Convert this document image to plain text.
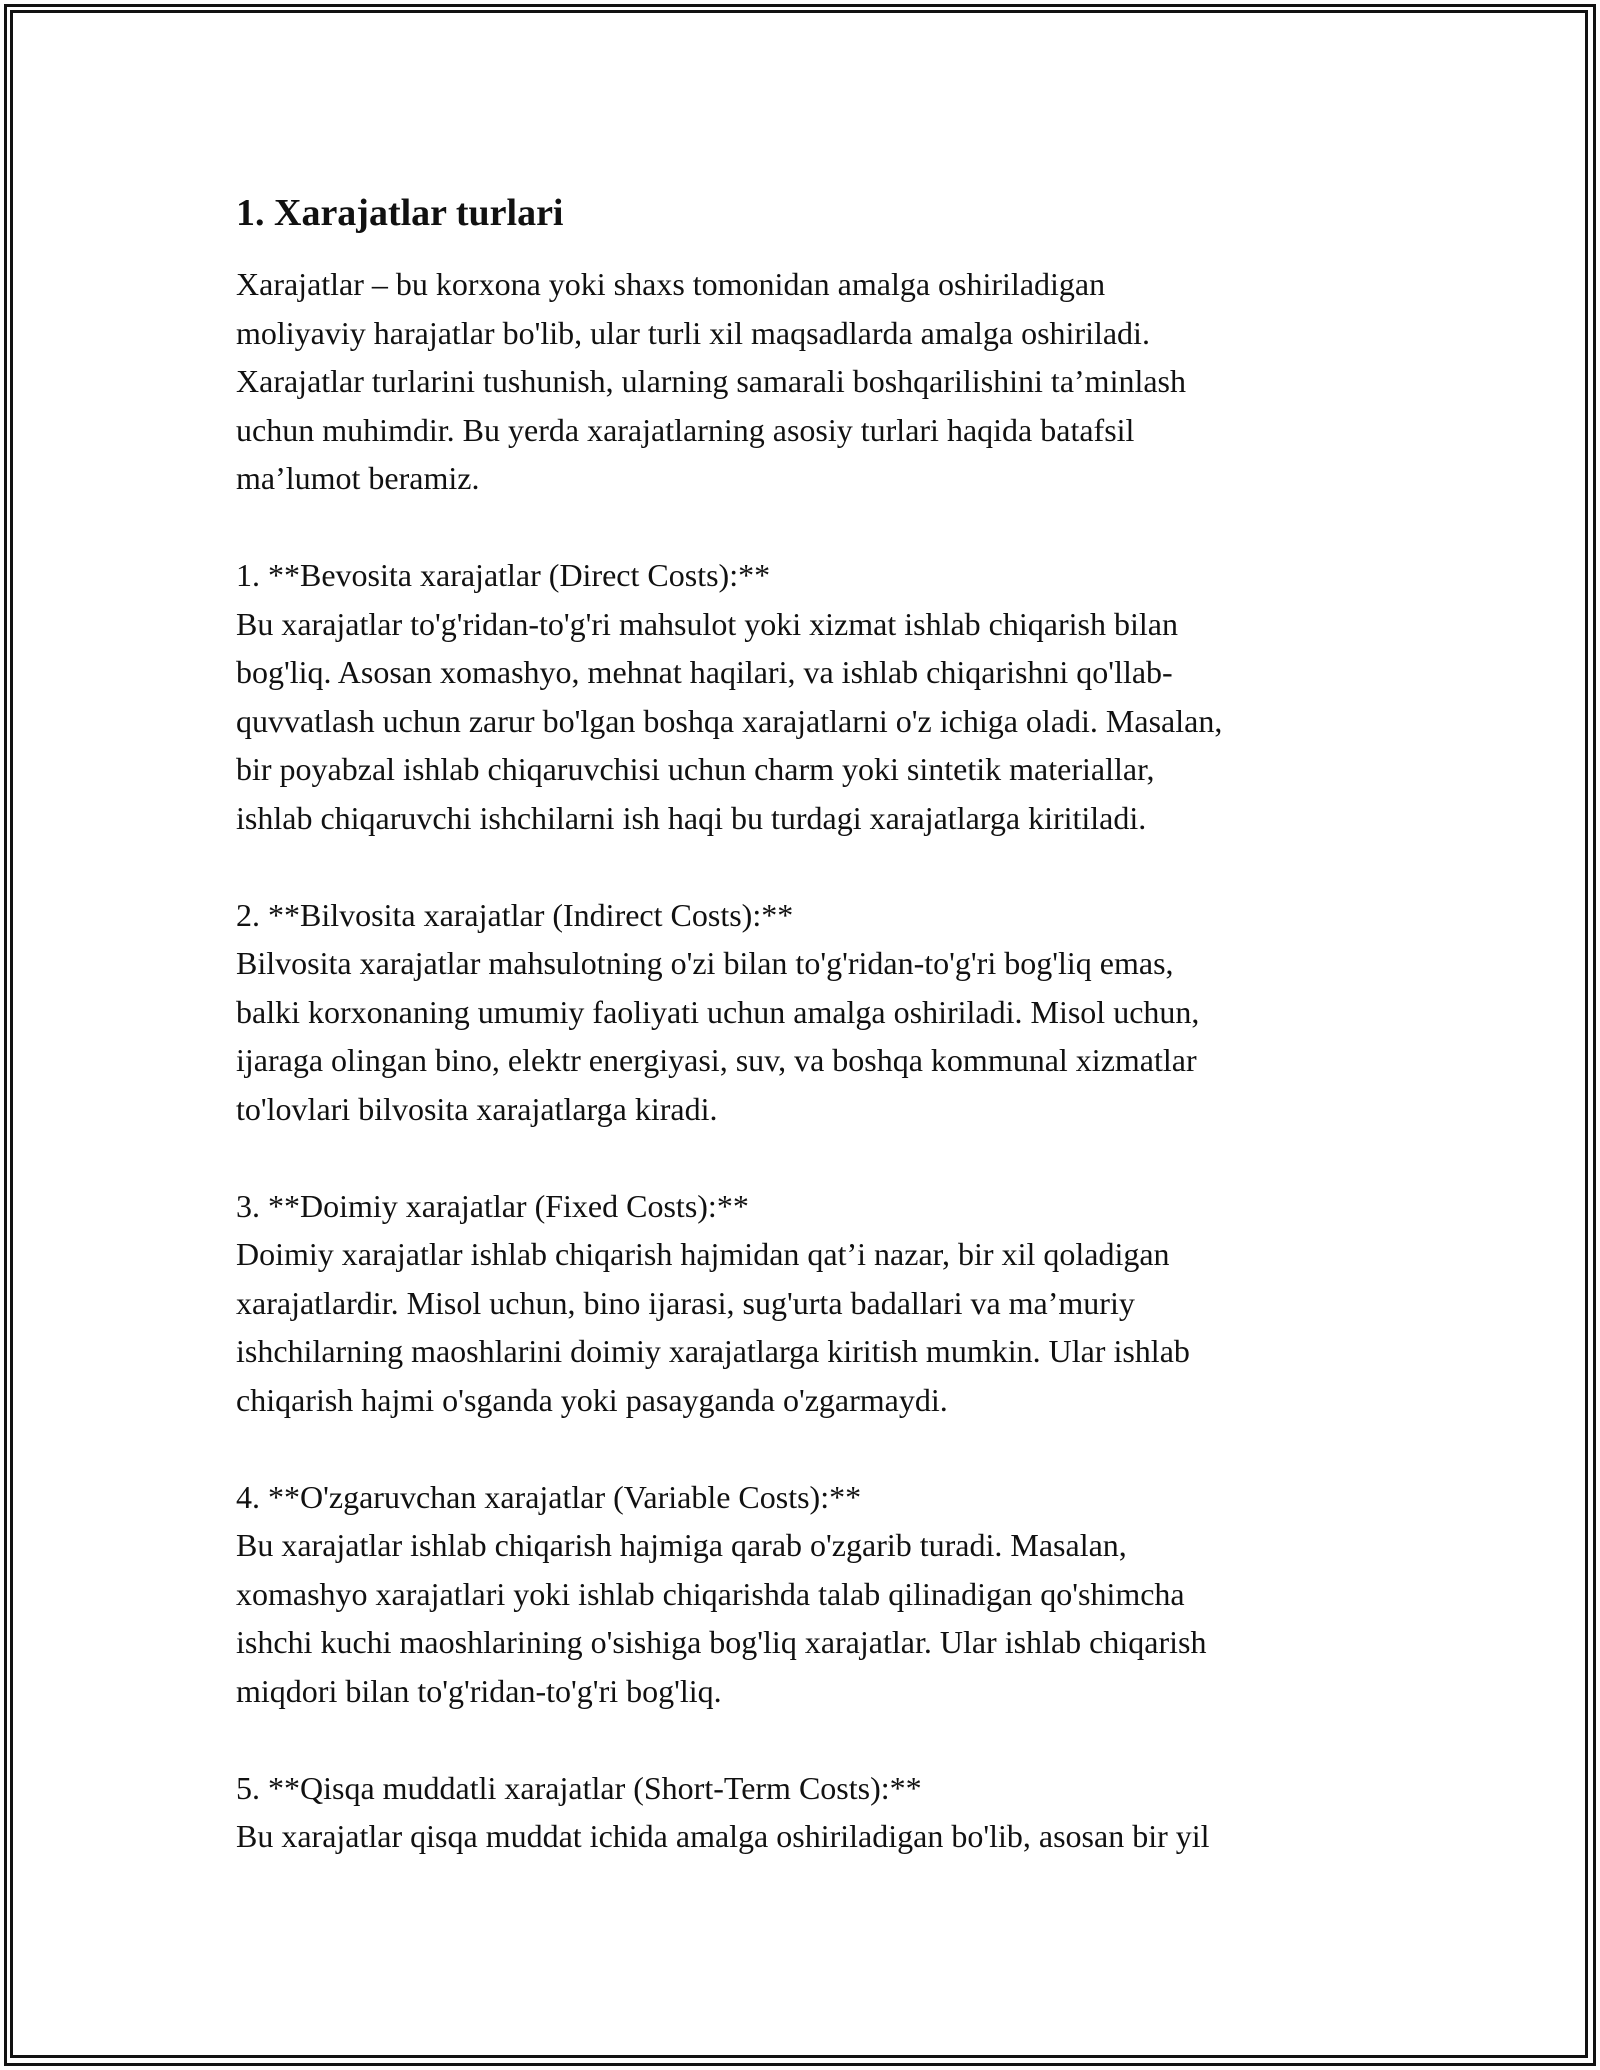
1. Xarajatlar turlari

Xarajatlar – bu korxona yoki shaxs tomonidan amalga oshiriladigan
moliyaviy harajatlar bo'lib, ular turli xil maqsadlarda amalga oshiriladi.
Xarajatlar turlarini tushunish, ularning samarali boshqarilishini ta’minlash
uchun muhimdir. Bu yerda xarajatlarning asosiy turlari haqida batafsil
ma’lumot beramiz.

1. **Bevosita xarajatlar (Direct Costs):**

Bu xarajatlar to'g'ridan-to'g'ri mahsulot yoki xizmat ishlab chiqarish bilan
bog'liq. Asosan xomashyo, mehnat haqilari, va ishlab chiqarishni qo'llab-
quvvatlash uchun zarur bo'lgan boshqa xarajatlarni o'z ichiga oladi. Masalan,
bir poyabzal ishlab chiqaruvchisi uchun charm yoki sintetik materiallar,
ishlab chiqaruvchi ishchilarni ish haqi bu turdagi xarajatlarga kiritiladi.

2. **Bilvosita xarajatlar (Indirect Costs):**

Bilvosita xarajatlar mahsulotning o'zi bilan to'g'ridan-to'g'ri bog'liq emas,
balki korxonaning umumiy faoliyati uchun amalga oshiriladi. Misol uchun,
ijaraga olingan bino, elektr energiyasi, suv, va boshqa kommunal xizmatlar
to'lovlari bilvosita xarajatlarga kiradi.

3. **Doimiy xarajatlar (Fixed Costs):**

Doimiy xarajatlar ishlab chiqarish hajmidan qat’i nazar, bir xil qoladigan
xarajatlardir. Misol uchun, bino ijarasi, sug'urta badallari va ma’muriy
ishchilarning maoshlarini doimiy xarajatlarga kiritish mumkin. Ular ishlab
chiqarish hajmi o'sganda yoki pasayganda o'zgarmaydi.

4. **O'zgaruvchan xarajatlar (Variable Costs):**

Bu xarajatlar ishlab chiqarish hajmiga qarab o'zgarib turadi. Masalan,
xomashyo xarajatlari yoki ishlab chiqarishda talab qilinadigan qo'shimcha
ishchi kuchi maoshlarining o'sishiga bog'liq xarajatlar. Ular ishlab chiqarish
miqdori bilan to'g'ridan-to'g'ri bog'liq.

5. **Qisqa muddatli xarajatlar (Short-Term Costs):**

Bu xarajatlar qisqa muddat ichida amalga oshiriladigan bo'lib, asosan bir yil
